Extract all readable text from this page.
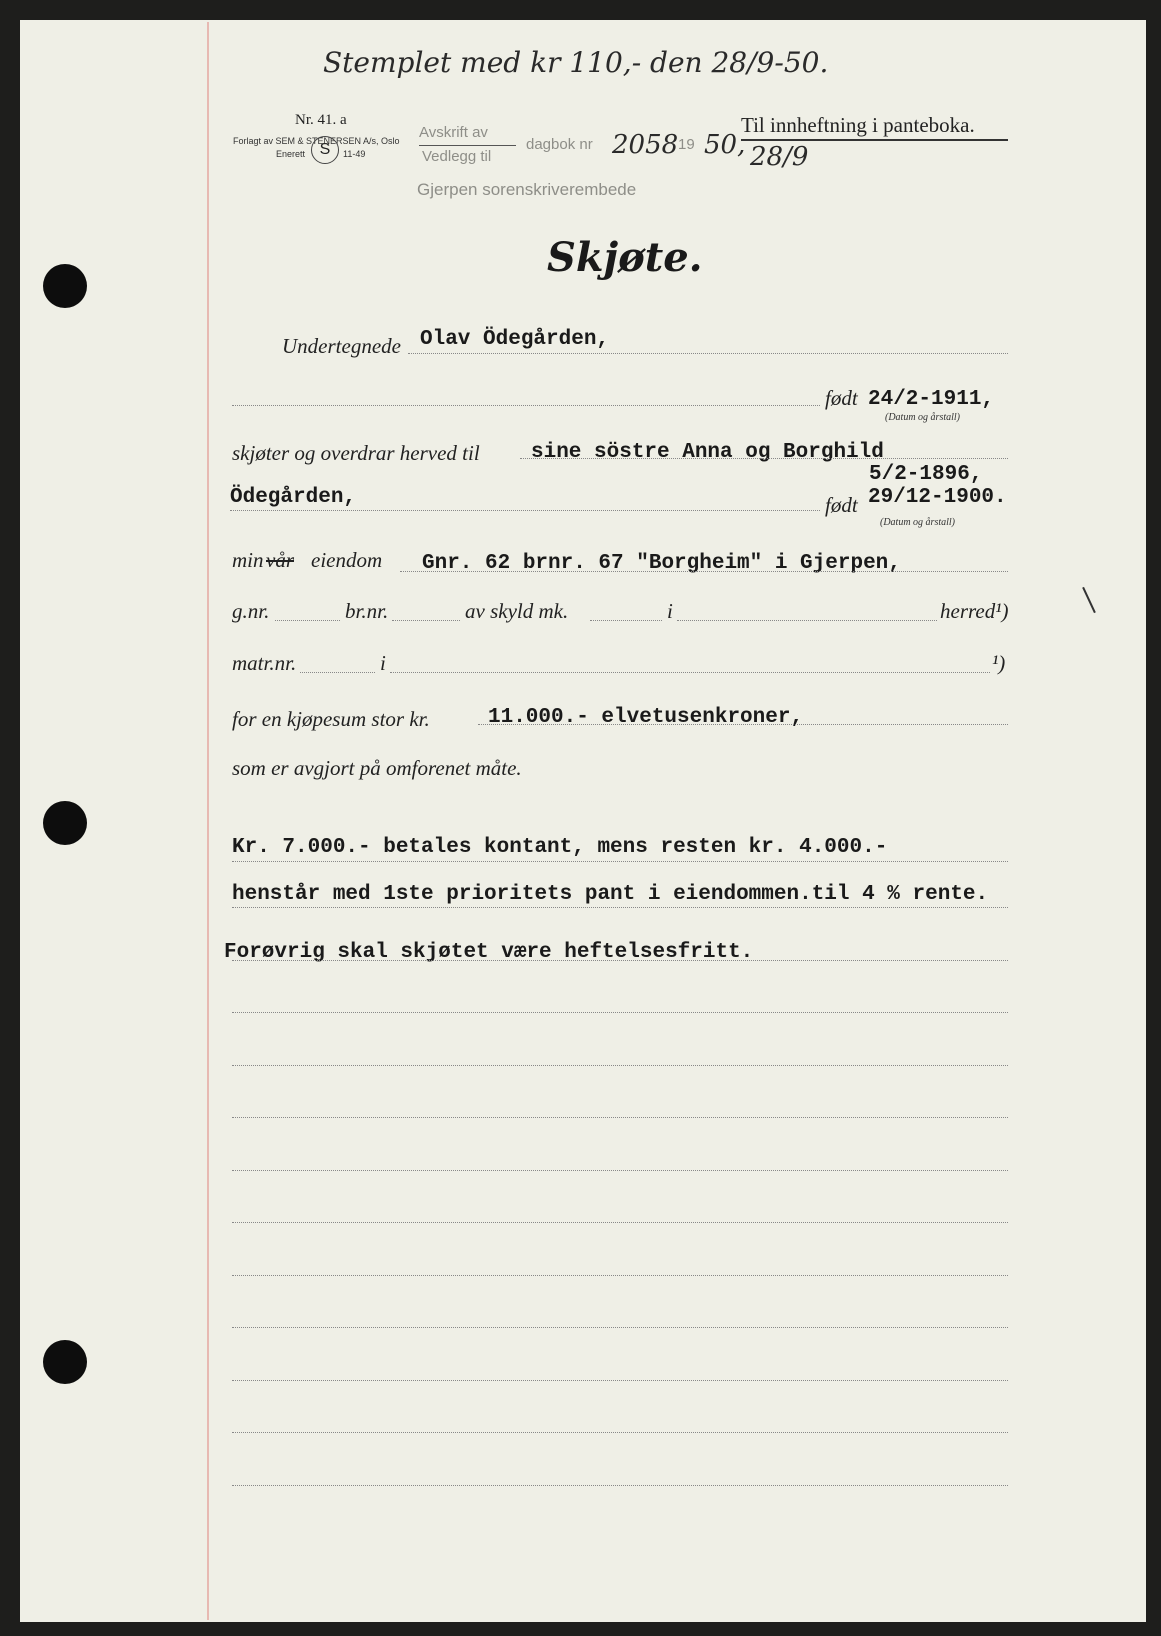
Stemplet med kr 110,- den 28/9-50.
Nr. 41. a
Forlagt av SEM & STENERSEN A/s, Oslo
Enerett S	11-49
Avskrift av
Vedlegg til
Gjerpen sorenskriverembede
dagbok nr 2058 19 50, 28/9
Til innheftning i panteboka.
Skjøte.
Undertegnede Olav Ödegården,
født 24/2-1911,
(Datum og årstall)
skjøter og overdrar herved til sine söstre Anna og Borghild
5/2-1896,
Ödegården,	født 29/12-1900.
(Datum og årstall)
min vår eiendom Gnr. 62 brnr. 67 "Borgheim" i Gjerpen,
g.nr.	br.nr.	av skyld mk.	i	herred¹)
matr.nr.	i	¹)
for en kjøpesum stor kr.	11.000.- elvetusenkroner,
som er avgjort på omforenet måte.
Kr. 7.000.- betales kontant, mens resten kr. 4.000.-
henstår med 1ste prioritets pant i eiendommen.til 4 % rente.
Forøvrig skal skjøtet være heftelsesfritt.
